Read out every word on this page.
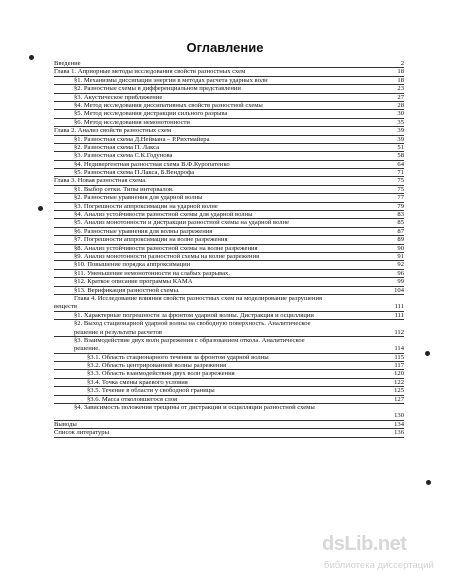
Оглавление
Введение	2
Глава 1. Априорные методы исследования свойств разностных схем	18
§1. Механизмы диссипации энергии в методах расчета ударных волн	18
§2. Разностные схемы в дифференциальном представлении	23
§3. Акустическое приближение	27
§4. Метод исследования диссипативных свойств разностной схемы	28
§5. Метод исследования дистракции сильного разрыва	30
§6. Метод исследования немонотонности	35
Глава 2. Анализ свойств разностных схем	39
§1. Разностная схема Д.Неймана – Р.Рихтмайера	39
§2. Разностная схема П. Лакса	51
§3. Разностная схема С.К.Годунова	58
§4. Недивергентная разностная схема В.Ф.Куропатенко	64
§5. Разностная схема П.Лакса, Б.Вендрофа	71
Глава 3. Новая разностная схема.	75
§1. Выбор сетки. Типы интервалов.	75
§2. Разностные уравнения для ударной волны	77
§3. Погрешности аппроксимации на ударной волне	79
§4. Анализ устойчивости разностной схемы для ударной волны	83
§5. Анализ монотонности и дистракции разностной схемы на ударной волне	85
§6. Разностные уравнения для волны разрежения	87
§7. Погрешности аппроксимации на волне разрежения	89
§8. Анализ устойчивости разностной схемы на волне разрежения	90
§9. Анализ монотонности разностной схемы на волне разрежения	91
§10. Повышение порядка аппроксимации	92
§11. Уменьшение немонотонности на слабых разрывах.	96
§12. Краткое описание программы КАМА	99
§13. Верификация разностной схемы.	104
Глава 4. Исследование влияния свойств разностных схем на моделирование разрушения
веществ	111
§1. Характерные погрешности за фронтом ударной волны. Дистракция и осцилляции	111
§2. Выход стационарной ударной волны на свободную поверхность. Аналитическое
решение и результаты расчетов	112
§3. Взаимодействие двух волн разрежения с образованием откола. Аналитическое
решение.	114
§3.1. Область стационарного течения за фронтом ударной волны	115
§3.2. Область центрированной волны разрежения	117
§3.3. Область взаимодействия двух волн разрежения	120
§3.4. Точка смены краевого условия	122
§3.5. Течение в области у свободной границы	125
§3.6. Масса отколовшегося слоя	127
§4. Зависимость положения трещины от дистракции и осцилляции разностной схемы
130
Выводы	134
Список литературы	136
dsLib.net
библиотека диссертаций
